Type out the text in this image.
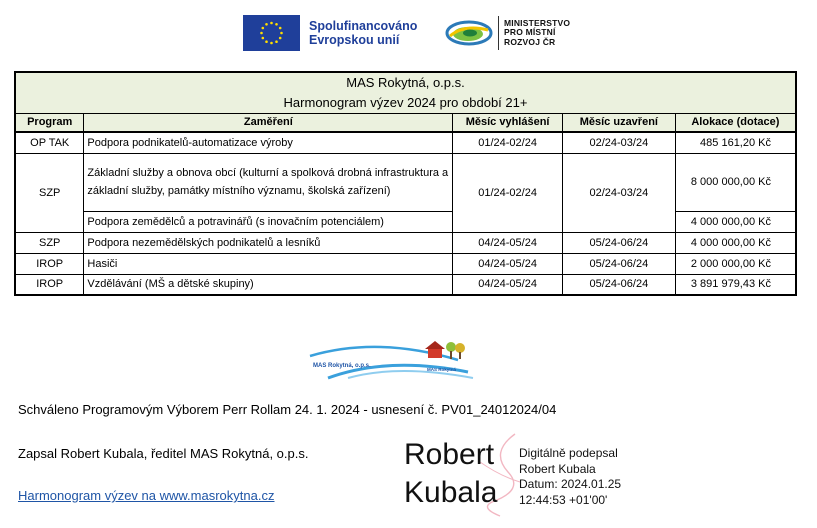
Spolufinancováno
Evropskou unií
MINISTERSTVO
PRO MÍSTNÍ
ROZVOJ ČR
MAS Rokytná, o.p.s.				
Harmonogram výzev 2024 pro období 21+				
Program	Zaměření	Měsíc vyhlášení	Měsíc uzavření	Alokace (dotace)
OP TAK	Podpora podnikatelů-automatizace výroby	01/24-02/24	02/24-03/24	485 161,20 Kč
SZP	Základní služby a obnova obcí (kulturní a spolková drobná infrastruktura a základní služby, památky místního významu, školská zařízení)	01/24-02/24	02/24-03/24	8 000 000,00 Kč
	Podpora zemědělců a potravinářů (s inovačním potenciálem)			4 000 000,00 Kč
SZP	Podpora nezemědělských podnikatelů a lesníků	04/24-05/24	05/24-06/24	4 000 000,00 Kč
IROP	Hasiči	04/24-05/24	05/24-06/24	2 000 000,00 Kč
IROP	Vzdělávání (MŠ a dětské skupiny)	04/24-05/24	05/24-06/24	3 891 979,43 Kč
MAS Rokytná, o.p.s.
MAS Rokytná
Schváleno Programovým Výborem Perr Rollam 24. 1. 2024 - usnesení č. PV01_24012024/04
Zapsal Robert Kubala, ředitel MAS Rokytná, o.p.s.
Harmonogram výzev na www.masrokytna.cz
Robert
Kubala
Digitálně podepsal
Robert Kubala
Datum: 2024.01.25
12:44:53 +01'00'
